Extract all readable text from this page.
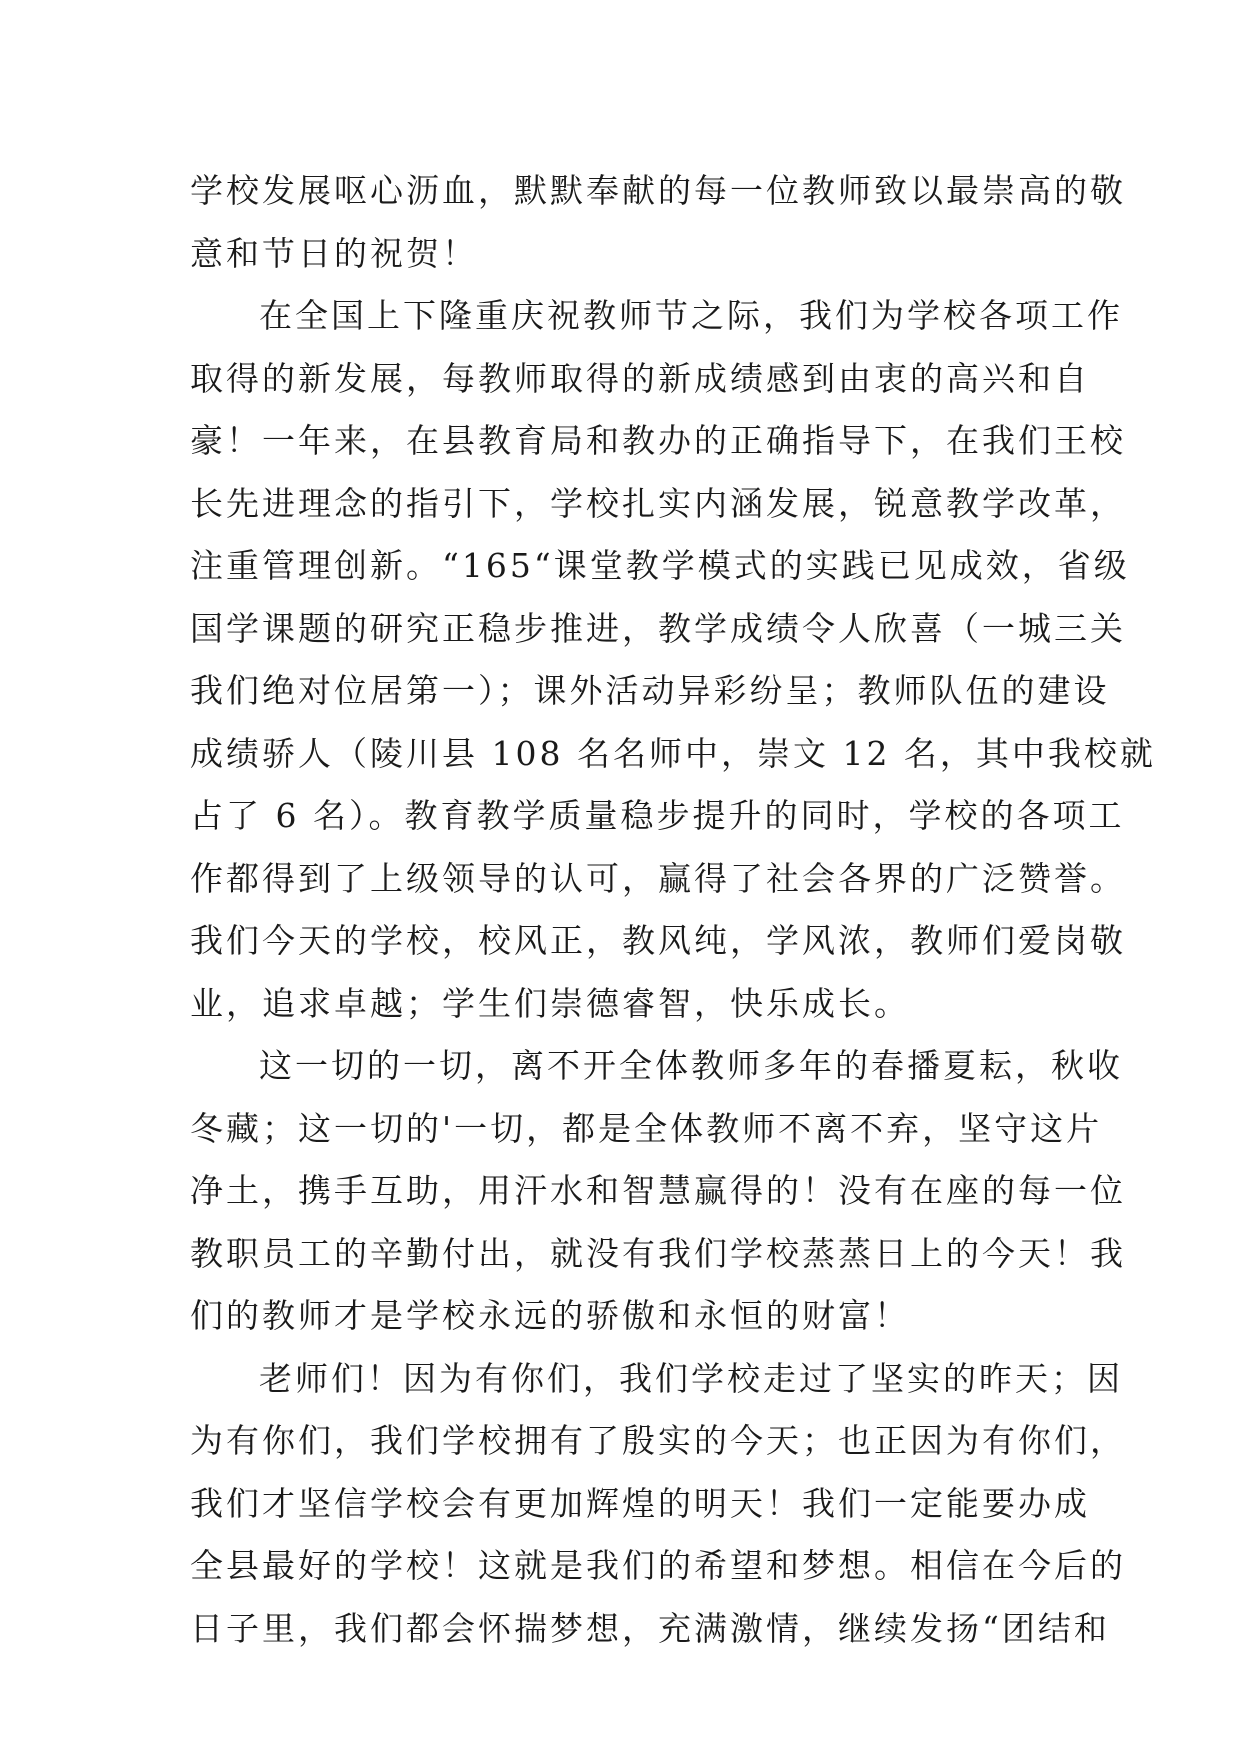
学校发展呕心沥血，默默奉献的每一位教师致以最崇高的敬
意和节日的祝贺！
在全国上下隆重庆祝教师节之际，我们为学校各项工作
取得的新发展，每教师取得的新成绩感到由衷的高兴和自
豪！一年来，在县教育局和教办的正确指导下，在我们王校
长先进理念的指引下，学校扎实内涵发展，锐意教学改革，
注重管理创新。“165“课堂教学模式的实践已见成效，省级
国学课题的研究正稳步推进，教学成绩令人欣喜（一城三关
我们绝对位居第一）；课外活动异彩纷呈；教师队伍的建设
成绩骄人（陵川县 108 名名师中，崇文 12 名，其中我校就
占了 6 名）。教育教学质量稳步提升的同时，学校的各项工
作都得到了上级领导的认可，赢得了社会各界的广泛赞誉。
我们今天的学校，校风正，教风纯，学风浓，教师们爱岗敬
业，追求卓越；学生们崇德睿智，快乐成长。
这一切的一切，离不开全体教师多年的春播夏耘，秋收
冬藏；这一切的'一切，都是全体教师不离不弃，坚守这片
净土，携手互助，用汗水和智慧赢得的！没有在座的每一位
教职员工的辛勤付出，就没有我们学校蒸蒸日上的今天！我
们的教师才是学校永远的骄傲和永恒的财富！
老师们！因为有你们，我们学校走过了坚实的昨天；因
为有你们，我们学校拥有了殷实的今天；也正因为有你们，
我们才坚信学校会有更加辉煌的明天！我们一定能要办成
全县最好的学校！这就是我们的希望和梦想。相信在今后的
日子里，我们都会怀揣梦想，充满激情，继续发扬“团结和
